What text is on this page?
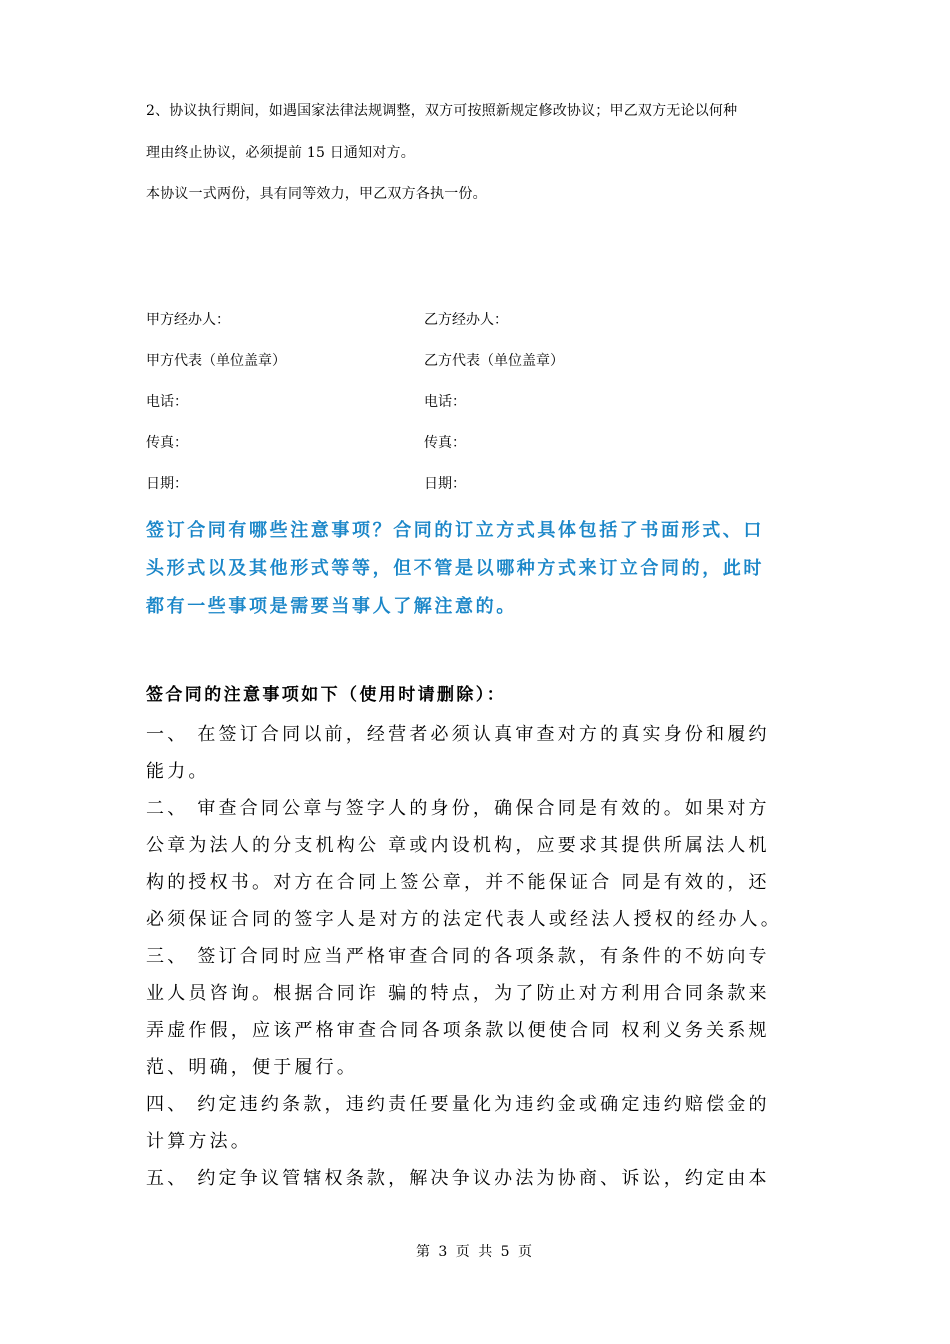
2、协议执行期间，如遇国家法律法规调整，双方可按照新规定修改协议；甲乙双方无论以何种
理由终止协议，必须提前 15 日通知对方。
本协议一式两份，具有同等效力，甲乙双方各执一份。
甲方经办人：	乙方经办人：
甲方代表（单位盖章）	乙方代表（单位盖章）
电话：	电话：
传真：	传真：
日期：	日期：
签订合同有哪些注意事项？合同的订立方式具体包括了书面形式、口
头形式以及其他形式等等，但不管是以哪种方式来订立合同的，此时
都有一些事项是需要当事人了解注意的。
签合同的注意事项如下（使用时请删除）：
一、 在签订合同以前，经营者必须认真审查对方的真实身份和履约
能力。
二、 审查合同公章与签字人的身份，确保合同是有效的。如果对方
公章为法人的分支机构公 章或内设机构，应要求其提供所属法人机
构的授权书。对方在合同上签公章，并不能保证合 同是有效的，还
必须保证合同的签字人是对方的法定代表人或经法人授权的经办人。
三、 签订合同时应当严格审查合同的各项条款，有条件的不妨向专
业人员咨询。根据合同诈 骗的特点，为了防止对方利用合同条款来
弄虚作假，应该严格审查合同各项条款以便使合同 权利义务关系规
范、明确，便于履行。
四、 约定违约条款，违约责任要量化为违约金或确定违约赔偿金的
计算方法。
五、 约定争议管辖权条款，解决争议办法为协商、诉讼，约定由本
第 3 页 共 5 页
